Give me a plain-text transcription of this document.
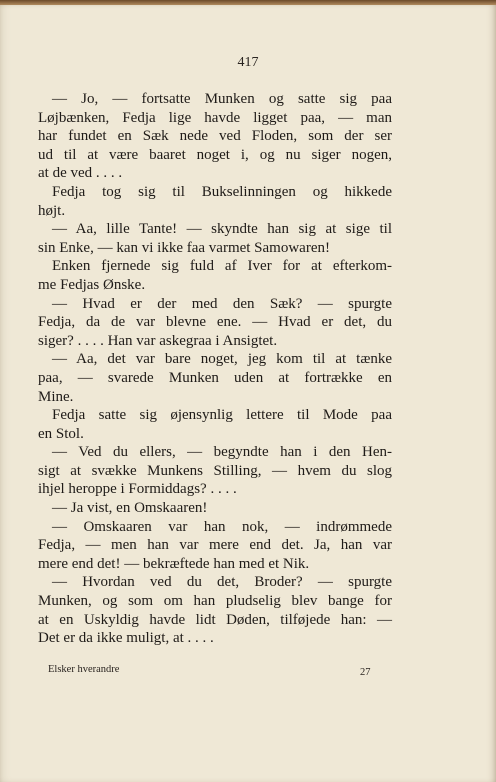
417
— Jo, — fortsatte Munken og satte sig paa
Løjbænken, Fedja lige havde ligget paa, — man
har fundet en Sæk nede ved Floden, som der ser
ud til at være baaret noget i, og nu siger nogen,
at de ved . . . .
Fedja tog sig til Bukselinningen og hikkede
højt.
— Aa, lille Tante! — skyndte han sig at sige til
sin Enke, — kan vi ikke faa varmet Samowaren!
Enken fjernede sig fuld af Iver for at efterkom-
me Fedjas Ønske.
— Hvad er der med den Sæk? — spurgte
Fedja, da de var blevne ene. — Hvad er det, du
siger? . . . . Han var askegraa i Ansigtet.
— Aa, det var bare noget, jeg kom til at tænke
paa, — svarede Munken uden at fortrække en
Mine.
Fedja satte sig øjensynlig lettere til Mode paa
en Stol.
— Ved du ellers, — begyndte han i den Hen-
sigt at svække Munkens Stilling, — hvem du slog
ihjel heroppe i Formiddags? . . . .
— Ja vist, en Omskaaren!
— Omskaaren var han nok, — indrømmede
Fedja, — men han var mere end det. Ja, han var
mere end det! — bekræftede han med et Nik.
— Hvordan ved du det, Broder? — spurgte
Munken, og som om han pludselig blev bange for
at en Uskyldig havde lidt Døden, tilføjede han: —
Det er da ikke muligt, at . . . .
Elsker hverandre	27
